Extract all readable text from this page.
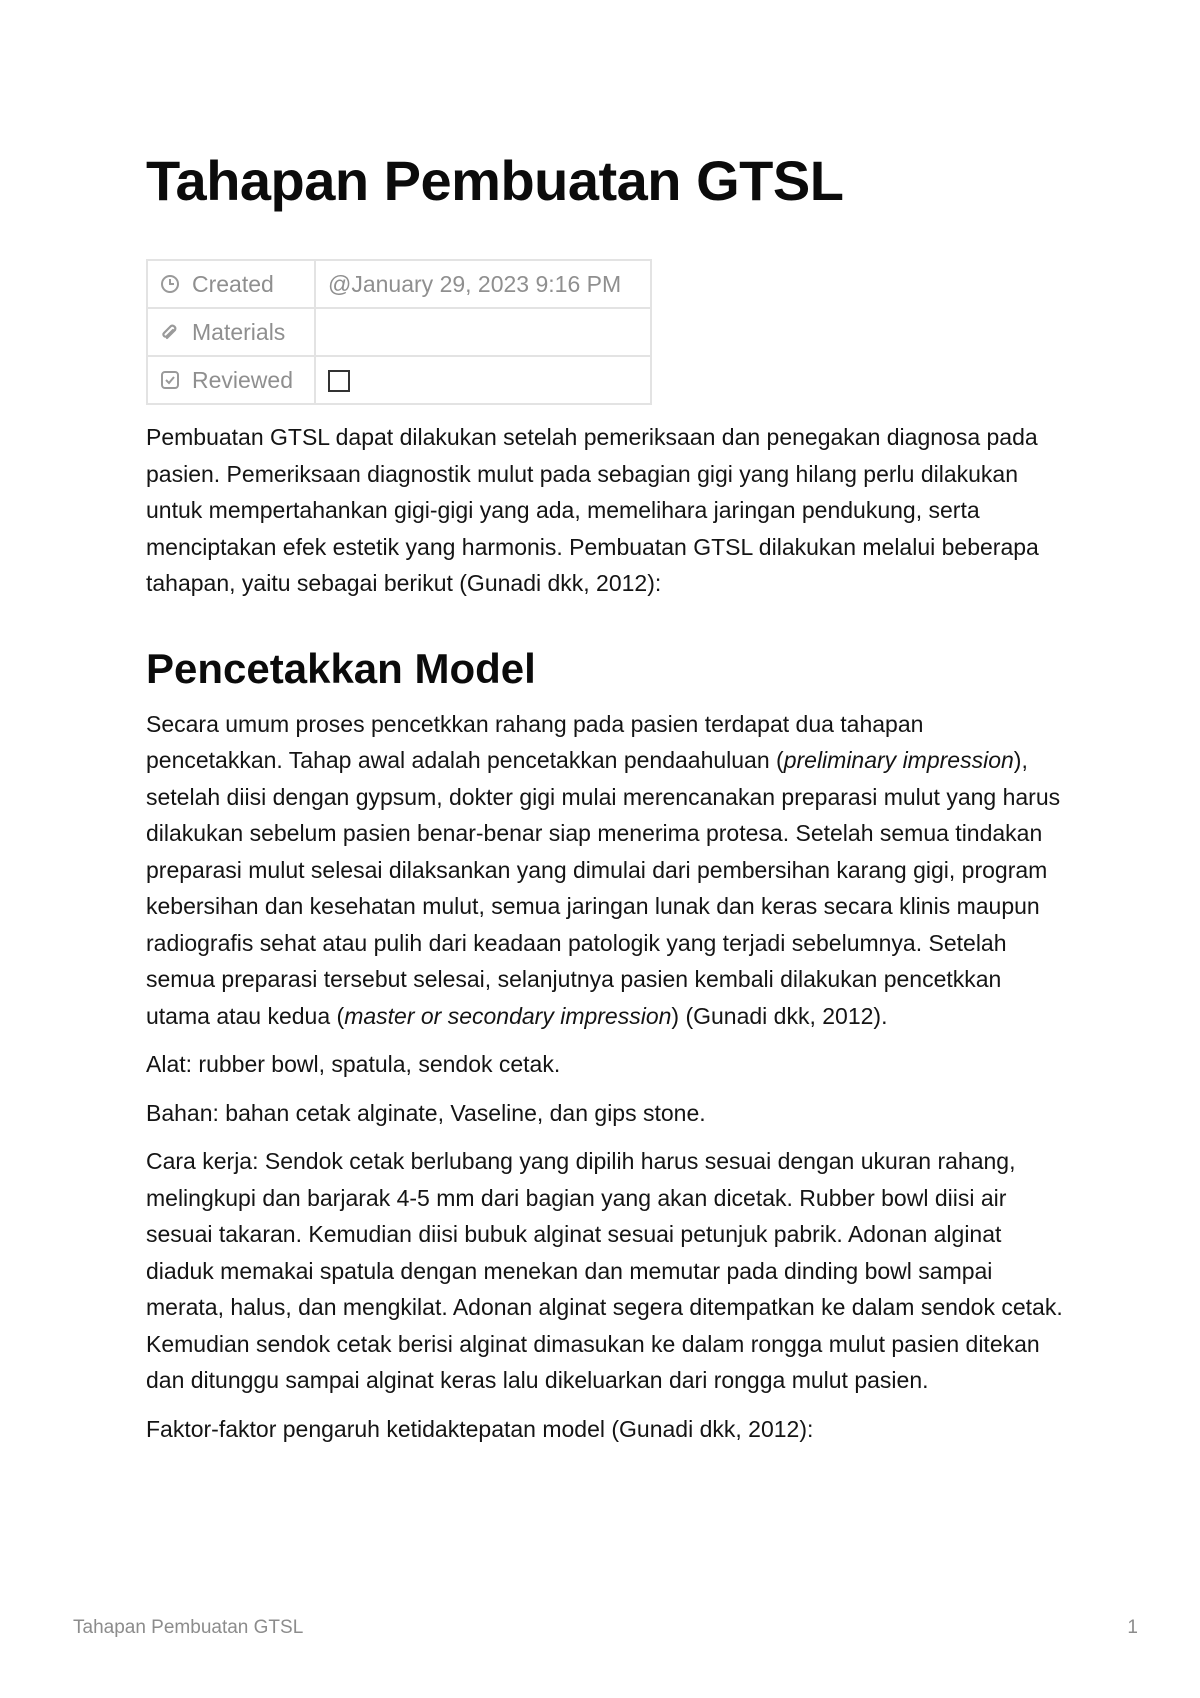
Tahapan Pembuatan GTSL
Created	@January 29, 2023 9:16 PM

Materials	

Reviewed	

Pembuatan GTSL dapat dilakukan setelah pemeriksaan dan penegakan diagnosa pada pasien. Pemeriksaan diagnostik mulut pada sebagian gigi yang hilang perlu dilakukan untuk mempertahankan gigi-gigi yang ada, memelihara jaringan pendukung, serta menciptakan efek estetik yang harmonis. Pembuatan GTSL dilakukan melalui beberapa tahapan, yaitu sebagai berikut (Gunadi dkk, 2012):

Pencetakkan Model

Secara umum proses pencetkkan rahang pada pasien terdapat dua tahapan pencetakkan. Tahap awal adalah pencetakkan pendaahuluan (preliminary impression), setelah diisi dengan gypsum, dokter gigi mulai merencanakan preparasi mulut yang harus dilakukan sebelum pasien benar-benar siap menerima protesa. Setelah semua tindakan preparasi mulut selesai dilaksankan yang dimulai dari pembersihan karang gigi, program kebersihan dan kesehatan mulut, semua jaringan lunak dan keras secara klinis maupun radiografis sehat atau pulih dari keadaan patologik yang terjadi sebelumnya. Setelah semua preparasi tersebut selesai, selanjutnya pasien kembali dilakukan pencetkkan utama atau kedua (master or secondary impression) (Gunadi dkk, 2012).

Alat: rubber bowl, spatula, sendok cetak.

Bahan: bahan cetak alginate, Vaseline, dan gips stone.

Cara kerja: Sendok cetak berlubang yang dipilih harus sesuai dengan ukuran rahang, melingkupi dan barjarak 4-5 mm dari bagian yang akan dicetak. Rubber bowl diisi air sesuai takaran. Kemudian diisi bubuk alginat sesuai petunjuk pabrik. Adonan alginat diaduk memakai spatula dengan menekan dan memutar pada dinding bowl sampai merata, halus, dan mengkilat. Adonan alginat segera ditempatkan ke dalam sendok cetak. Kemudian sendok cetak berisi alginat dimasukan ke dalam rongga mulut pasien ditekan dan ditunggu sampai alginat keras lalu dikeluarkan dari rongga mulut pasien.

Faktor-faktor pengaruh ketidaktepatan model (Gunadi dkk, 2012):

Tahapan Pembuatan GTSL	1
